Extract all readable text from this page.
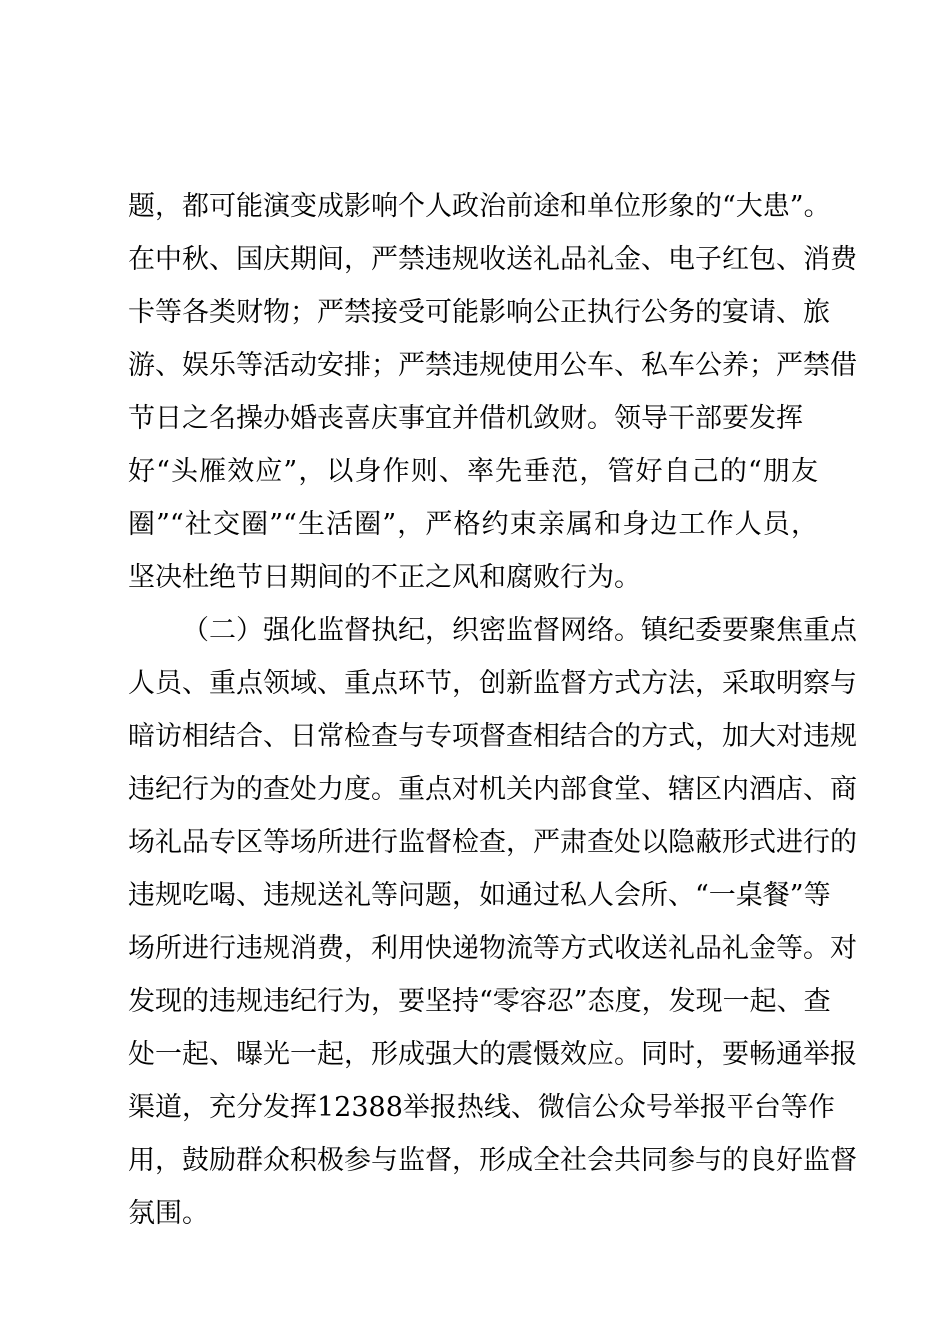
题，都可能演变成影响个人政治前途和单位形象的“大患”。
在中秋、国庆期间，严禁违规收送礼品礼金、电子红包、消费
卡等各类财物；严禁接受可能影响公正执行公务的宴请、旅
游、娱乐等活动安排；严禁违规使用公车、私车公养；严禁借
节日之名操办婚丧喜庆事宜并借机敛财。领导干部要发挥
好“头雁效应”，以身作则、率先垂范，管好自己的“朋友
圈”“社交圈”“生活圈”，严格约束亲属和身边工作人员，
坚决杜绝节日期间的不正之风和腐败行为。
（二）强化监督执纪，织密监督网络。镇纪委要聚焦重点
人员、重点领域、重点环节，创新监督方式方法，采取明察与
暗访相结合、日常检查与专项督查相结合的方式，加大对违规
违纪行为的查处力度。重点对机关内部食堂、辖区内酒店、商
场礼品专区等场所进行监督检查，严肃查处以隐蔽形式进行的
违规吃喝、违规送礼等问题，如通过私人会所、“一桌餐”等
场所进行违规消费，利用快递物流等方式收送礼品礼金等。对
发现的违规违纪行为，要坚持“零容忍”态度，发现一起、查
处一起、曝光一起，形成强大的震慑效应。同时，要畅通举报
渠道，充分发挥12388举报热线、微信公众号举报平台等作
用，鼓励群众积极参与监督，形成全社会共同参与的良好监督
氛围。
